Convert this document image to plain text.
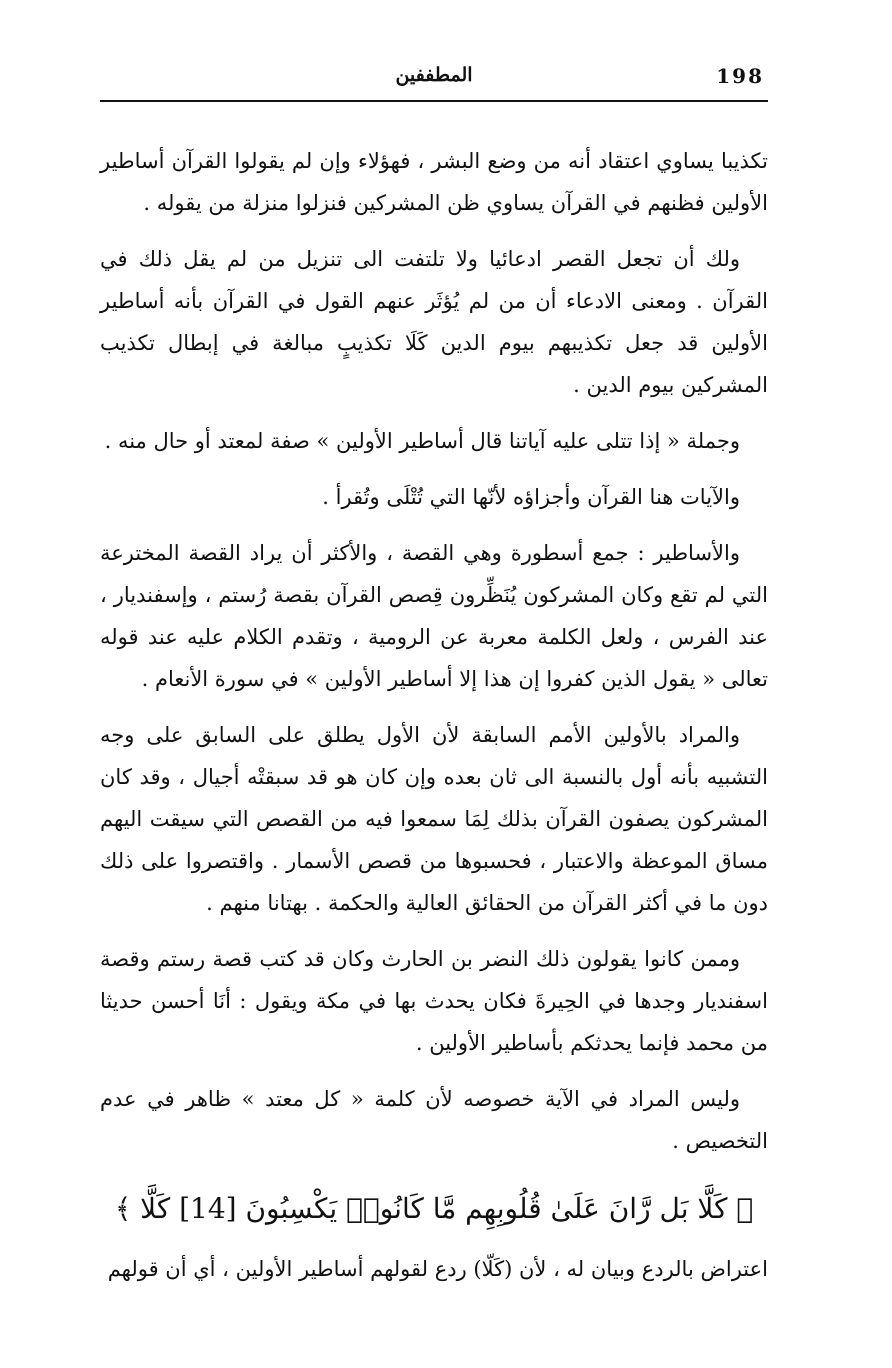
198
المطففين

تكذيبا يساوي اعتقاد أنه من وضع البشر ، فهؤلاء وإن لم يقولوا القرآن أساطير الأولين فظنهم في القرآن يساوي ظن المشركين فنزلوا منزلة من يقوله .

ولك أن تجعل القصر ادعائيا ولا تلتفت الى تنزيل من لم يقل ذلك في القرآن . ومعنى الادعاء أن من لم يُؤثَر عنهم القول في القرآن بأنه أساطير الأولين قد جعل تكذيبهم بيوم الدين كَلَا تكذيبٍ مبالغة في إبطال تكذيب المشركين بيوم الدين .

وجملة « إذا تتلى عليه آياتنا قال أساطير الأولين » صفة لمعتد أو حال منه .

والآيات هنا القرآن وأجزاؤه لأنّها التي تُتْلَى وتُقرأ .

والأساطير : جمع أسطورة وهي القصة ، والأكثر أن يراد القصة المخترعة التي لم تقع وكان المشركون يُنَظِّرون قِصص القرآن بقصة رُستم ، وإسفنديار ، عند الفرس ، ولعل الكلمة معربة عن الرومية ، وتقدم الكلام عليه عند قوله تعالى « يقول الذين كفروا إن هذا إلا أساطير الأولين » في سورة الأنعام .

والمراد بالأولين الأمم السابقة لأن الأول يطلق على السابق على وجه التشبيه بأنه أول بالنسبة الى ثان بعده وإن كان هو قد سبقتْه أجيال ، وقد كان المشركون يصفون القرآن بذلك لِمَا سمعوا فيه من القصص التي سيقت اليهم مساق الموعظة والاعتبار ، فحسبوها من قصص الأسمار . واقتصروا على ذلك دون ما في أكثر القرآن من الحقائق العالية والحكمة . بهتانا منهم .

وممن كانوا يقولون ذلك النضر بن الحارث وكان قد كتب قصة رستم وقصة اسفنديار وجدها في الحِيرةَ فكان يحدث بها في مكة ويقول : أنَا أحسن حديثا من محمد فإنما يحدثكم بأساطير الأولين .

وليس المراد في الآية خصوصه لأن كلمة « كل معتد » ظاهر في عدم التخصيص .

﴿ كَلَّا بَل رَّانَ عَلَىٰ قُلُوبِهِم مَّا كَانُوا۟ يَكْسِبُونَ [14] كَلَّا ﴾

اعتراض بالردع وبيان له ، لأن (كَلّا) ردع لقولهم أساطير الأولين ، أي أن قولهم
